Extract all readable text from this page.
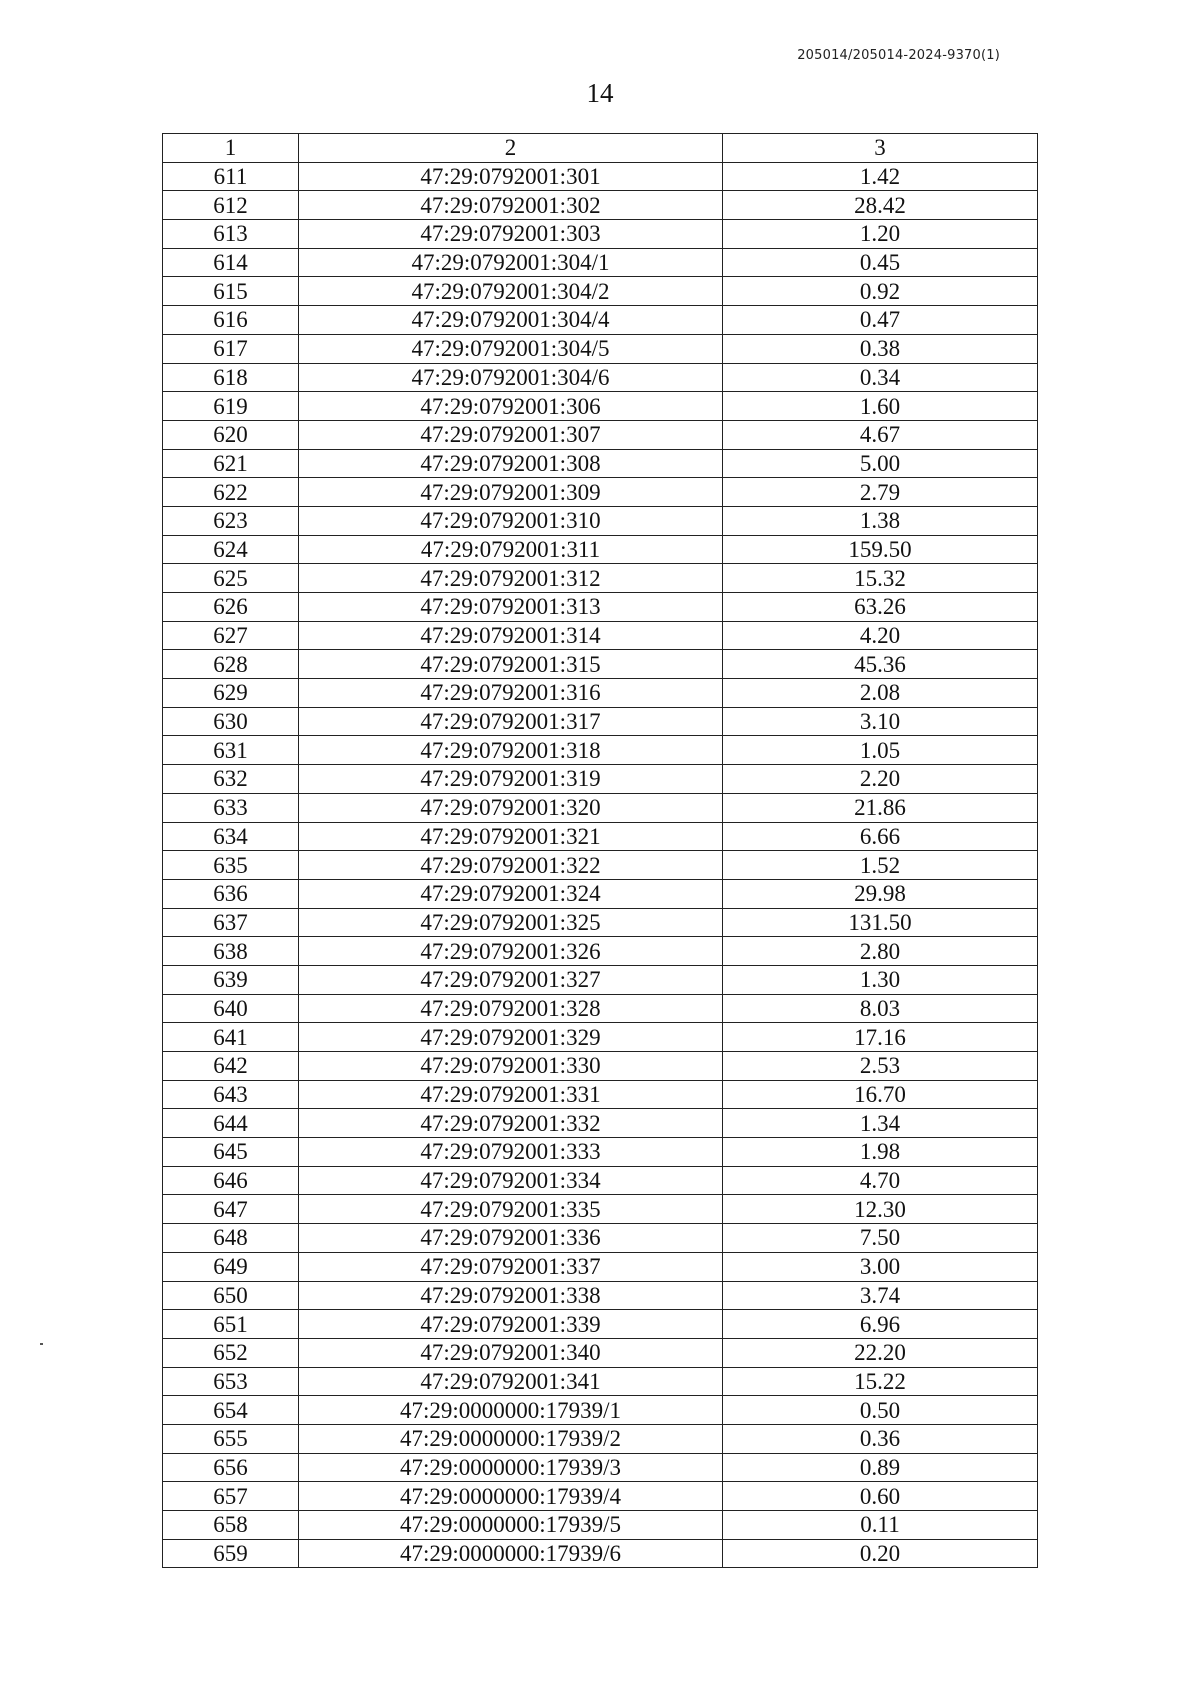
205014/205014-2024-9370(1)
14
1	2	3
611	47:29:0792001:301	1.42
612	47:29:0792001:302	28.42
613	47:29:0792001:303	1.20
614	47:29:0792001:304/1	0.45
615	47:29:0792001:304/2	0.92
616	47:29:0792001:304/4	0.47
617	47:29:0792001:304/5	0.38
618	47:29:0792001:304/6	0.34
619	47:29:0792001:306	1.60
620	47:29:0792001:307	4.67
621	47:29:0792001:308	5.00
622	47:29:0792001:309	2.79
623	47:29:0792001:310	1.38
624	47:29:0792001:311	159.50
625	47:29:0792001:312	15.32
626	47:29:0792001:313	63.26
627	47:29:0792001:314	4.20
628	47:29:0792001:315	45.36
629	47:29:0792001:316	2.08
630	47:29:0792001:317	3.10
631	47:29:0792001:318	1.05
632	47:29:0792001:319	2.20
633	47:29:0792001:320	21.86
634	47:29:0792001:321	6.66
635	47:29:0792001:322	1.52
636	47:29:0792001:324	29.98
637	47:29:0792001:325	131.50
638	47:29:0792001:326	2.80
639	47:29:0792001:327	1.30
640	47:29:0792001:328	8.03
641	47:29:0792001:329	17.16
642	47:29:0792001:330	2.53
643	47:29:0792001:331	16.70
644	47:29:0792001:332	1.34
645	47:29:0792001:333	1.98
646	47:29:0792001:334	4.70
647	47:29:0792001:335	12.30
648	47:29:0792001:336	7.50
649	47:29:0792001:337	3.00
650	47:29:0792001:338	3.74
651	47:29:0792001:339	6.96
652	47:29:0792001:340	22.20
653	47:29:0792001:341	15.22
654	47:29:0000000:17939/1	0.50
655	47:29:0000000:17939/2	0.36
656	47:29:0000000:17939/3	0.89
657	47:29:0000000:17939/4	0.60
658	47:29:0000000:17939/5	0.11
659	47:29:0000000:17939/6	0.20
